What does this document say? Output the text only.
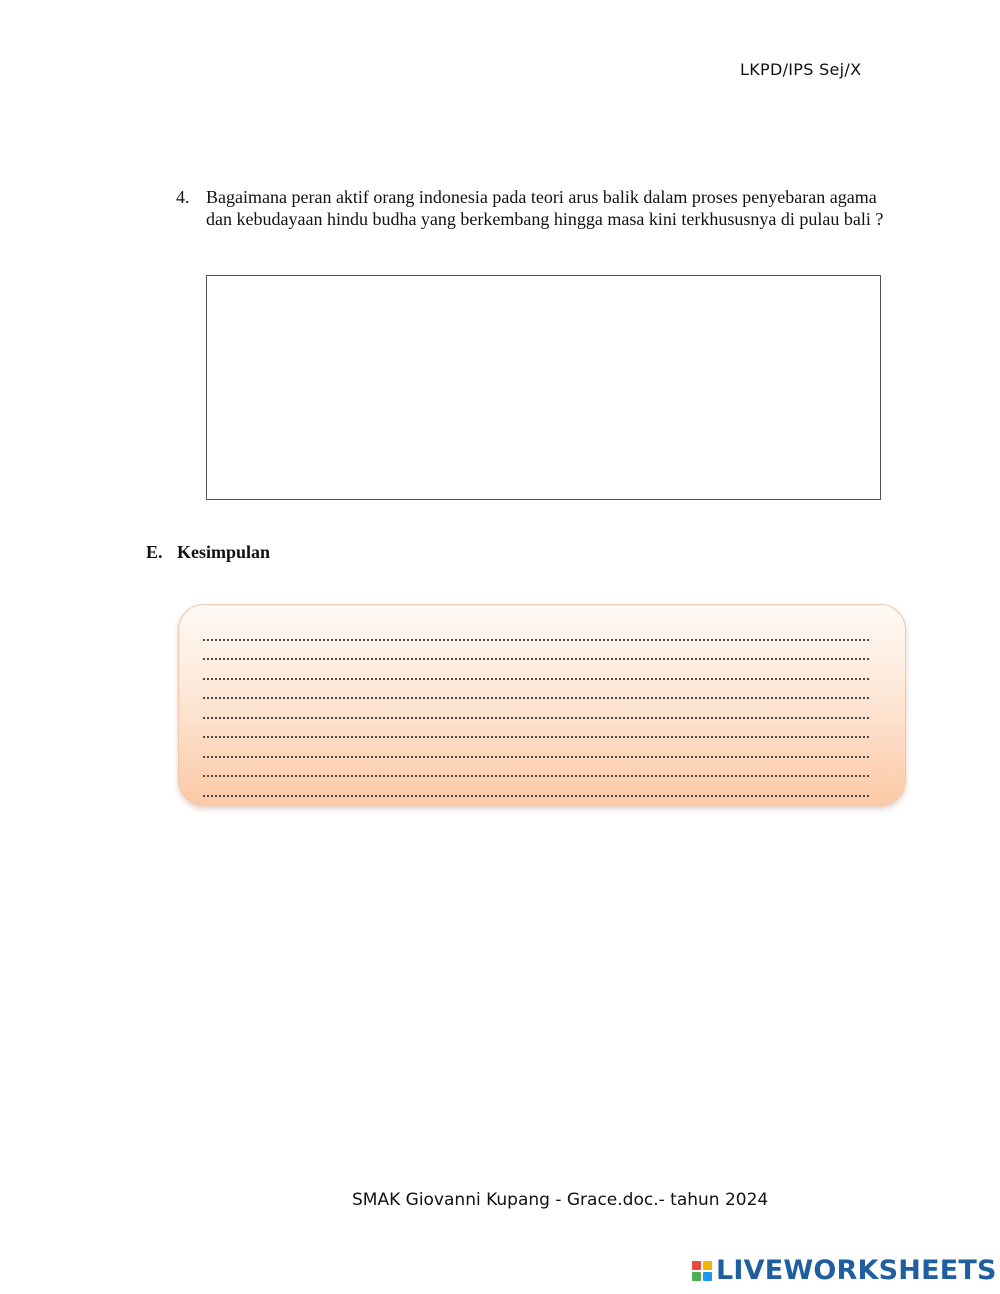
LKPD/IPS Sej/X
4. Bagaimana peran aktif orang indonesia pada teori arus balik dalam proses penyebaran agama dan kebudayaan hindu budha yang berkembang hingga masa kini terkhususnya di pulau bali ?
E. Kesimpulan
SMAK Giovanni Kupang - Grace.doc.- tahun 2024
LIVEWORKSHEETS
